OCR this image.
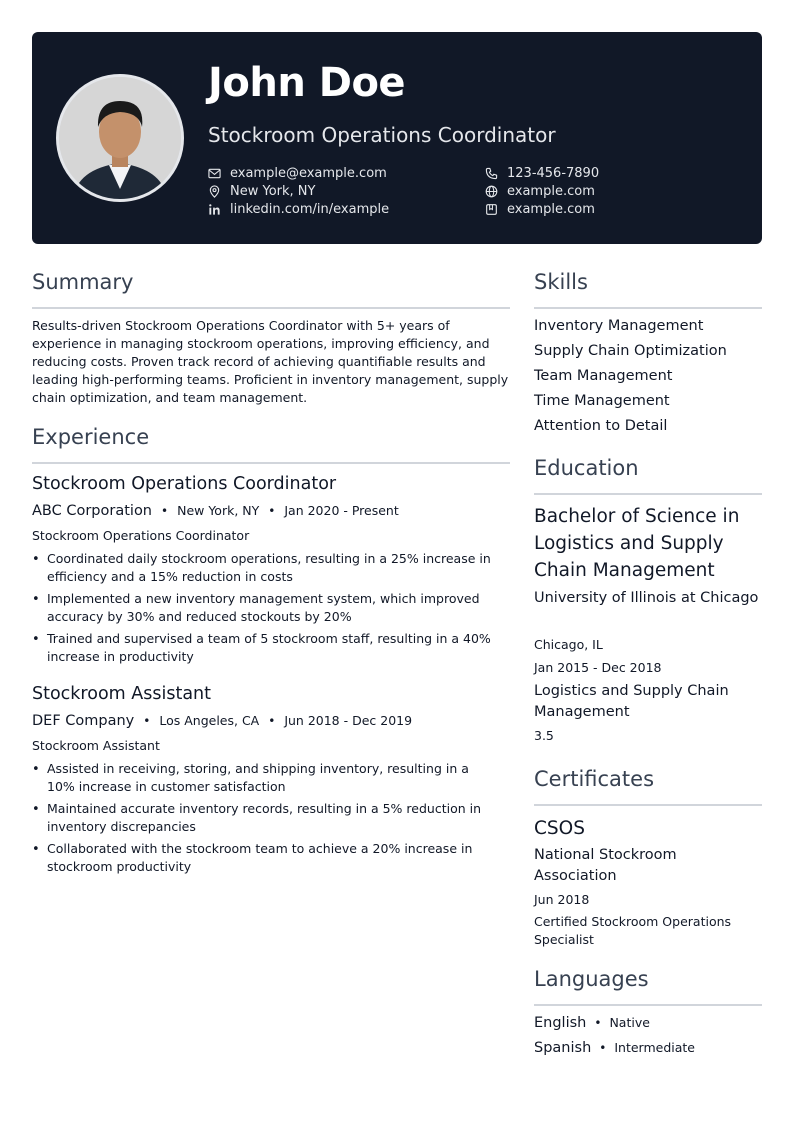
John Doe
Stockroom Operations Coordinator
example@example.com
New York, NY
linkedin.com/in/example
123-456-7890
example.com
example.com
Summary
Results-driven Stockroom Operations Coordinator with 5+ years of experience in managing stockroom operations, improving efficiency, and reducing costs. Proven track record of achieving quantifiable results and leading high-performing teams. Proficient in inventory management, supply chain optimization, and team management.
Experience
Stockroom Operations Coordinator
ABC Corporation • New York, NY • Jan 2020 - Present
Stockroom Operations Coordinator
• Coordinated daily stockroom operations, resulting in a 25% increase in efficiency and a 15% reduction in costs
• Implemented a new inventory management system, which improved accuracy by 30% and reduced stockouts by 20%
• Trained and supervised a team of 5 stockroom staff, resulting in a 40% increase in productivity
Stockroom Assistant
DEF Company • Los Angeles, CA • Jun 2018 - Dec 2019
Stockroom Assistant
• Assisted in receiving, storing, and shipping inventory, resulting in a 10% increase in customer satisfaction
• Maintained accurate inventory records, resulting in a 5% reduction in inventory discrepancies
• Collaborated with the stockroom team to achieve a 20% increase in stockroom productivity
Skills
Inventory Management
Supply Chain Optimization
Team Management
Time Management
Attention to Detail
Education
Bachelor of Science in Logistics and Supply Chain Management
University of Illinois at Chicago
Chicago, IL
Jan 2015 - Dec 2018
Logistics and Supply Chain Management
3.5
Certificates
CSOS
National Stockroom Association
Jun 2018
Certified Stockroom Operations Specialist
Languages
English • Native
Spanish • Intermediate
